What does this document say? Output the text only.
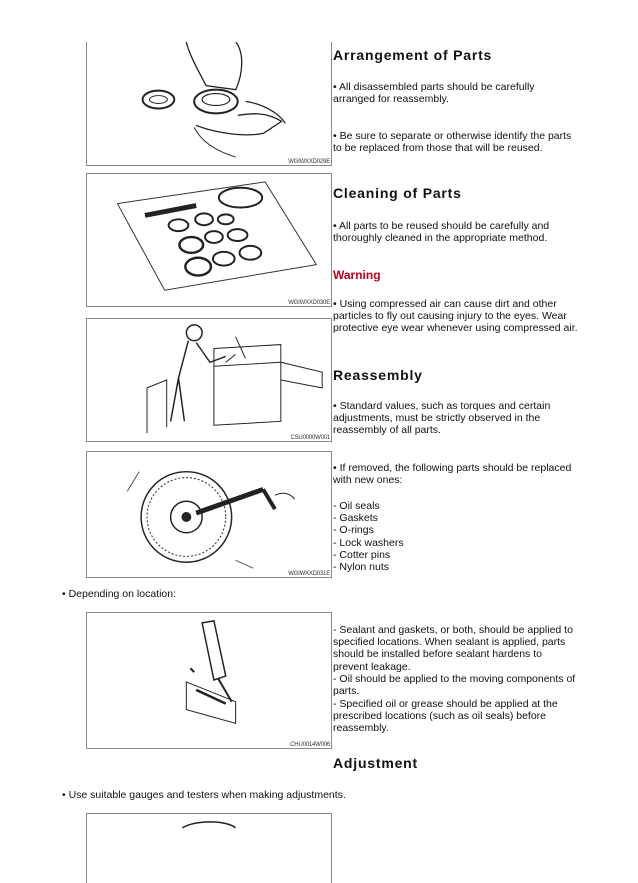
WGIWXXD029E
WGIWXXD030E
CSU0000W001
WGIWXXD031E
CHU0014W006
Arrangement of Parts

• All disassembled parts should be carefully arranged for reassembly.

• Be sure to separate or otherwise identify the parts to be replaced from those that will be reused.

Cleaning of Parts

• All parts to be reused should be carefully and thoroughly cleaned in the appropriate method.

Warning

• Using compressed air can cause dirt and other particles to fly out causing injury to the eyes. Wear protective eye wear whenever using compressed air.

Reassembly

• Standard values, such as torques and certain adjustments, must be strictly observed in the reassembly of all parts.

• If removed, the following parts should be replaced with new ones:

- Oil seals
- Gaskets
- O-rings
- Lock washers
- Cotter pins
- Nylon nuts

• Depending on location:

- Sealant and gaskets, or both, should be applied to specified locations. When sealant is applied, parts should be installed before sealant hardens to prevent leakage.

- Oil should be applied to the moving components of parts.

- Specified oil or grease should be applied at the prescribed locations (such as oil seals) before reassembly.

Adjustment

• Use suitable gauges and testers when making adjustments.
